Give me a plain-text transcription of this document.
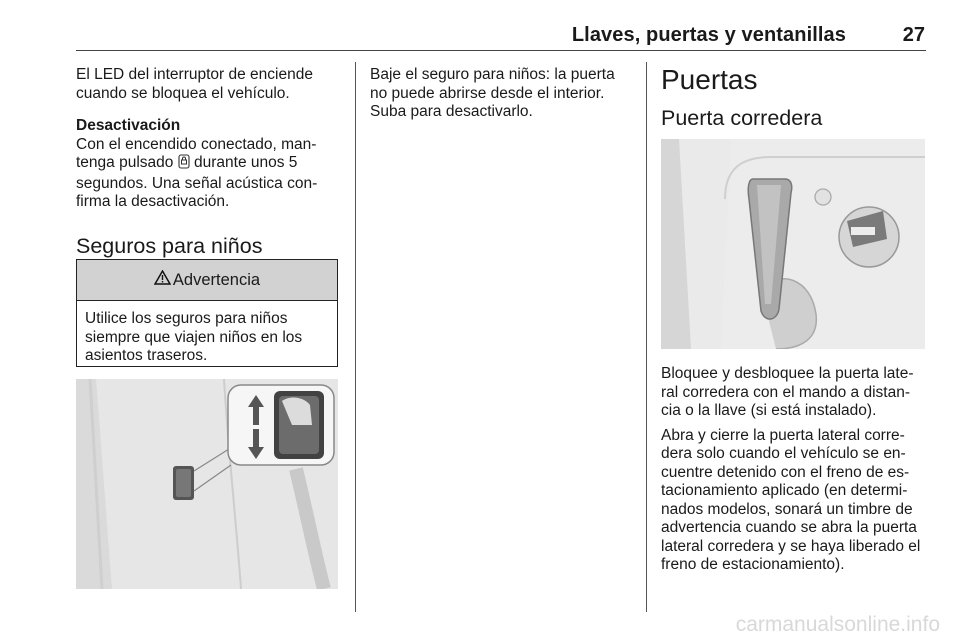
Llaves, puertas y ventanillas	27

El LED del interruptor de enciende cuando se bloquea el vehículo.

Desactivación

Con el encendido conectado, man- tenga pulsado durante unos 5 segundos. Una señal acústica con- firma la desactivación.

Seguros para niños

Advertencia
Utilice los seguros para niños siempre que viajen niños en los asientos traseros.

Baje el seguro para niños: la puerta no puede abrirse desde el interior. Suba para desactivarlo.

Puertas

Puerta corredera

Bloquee y desbloquee la puerta late- ral corredera con el mando a distan- cia o la llave (si está instalado).

Abra y cierre la puerta lateral corre- dera solo cuando el vehículo se en- cuentre detenido con el freno de es- tacionamiento aplicado (en determi- nados modelos, sonará un timbre de advertencia cuando se abra la puerta lateral corredera y se haya liberado el freno de estacionamiento).

carmanualsonline.info
